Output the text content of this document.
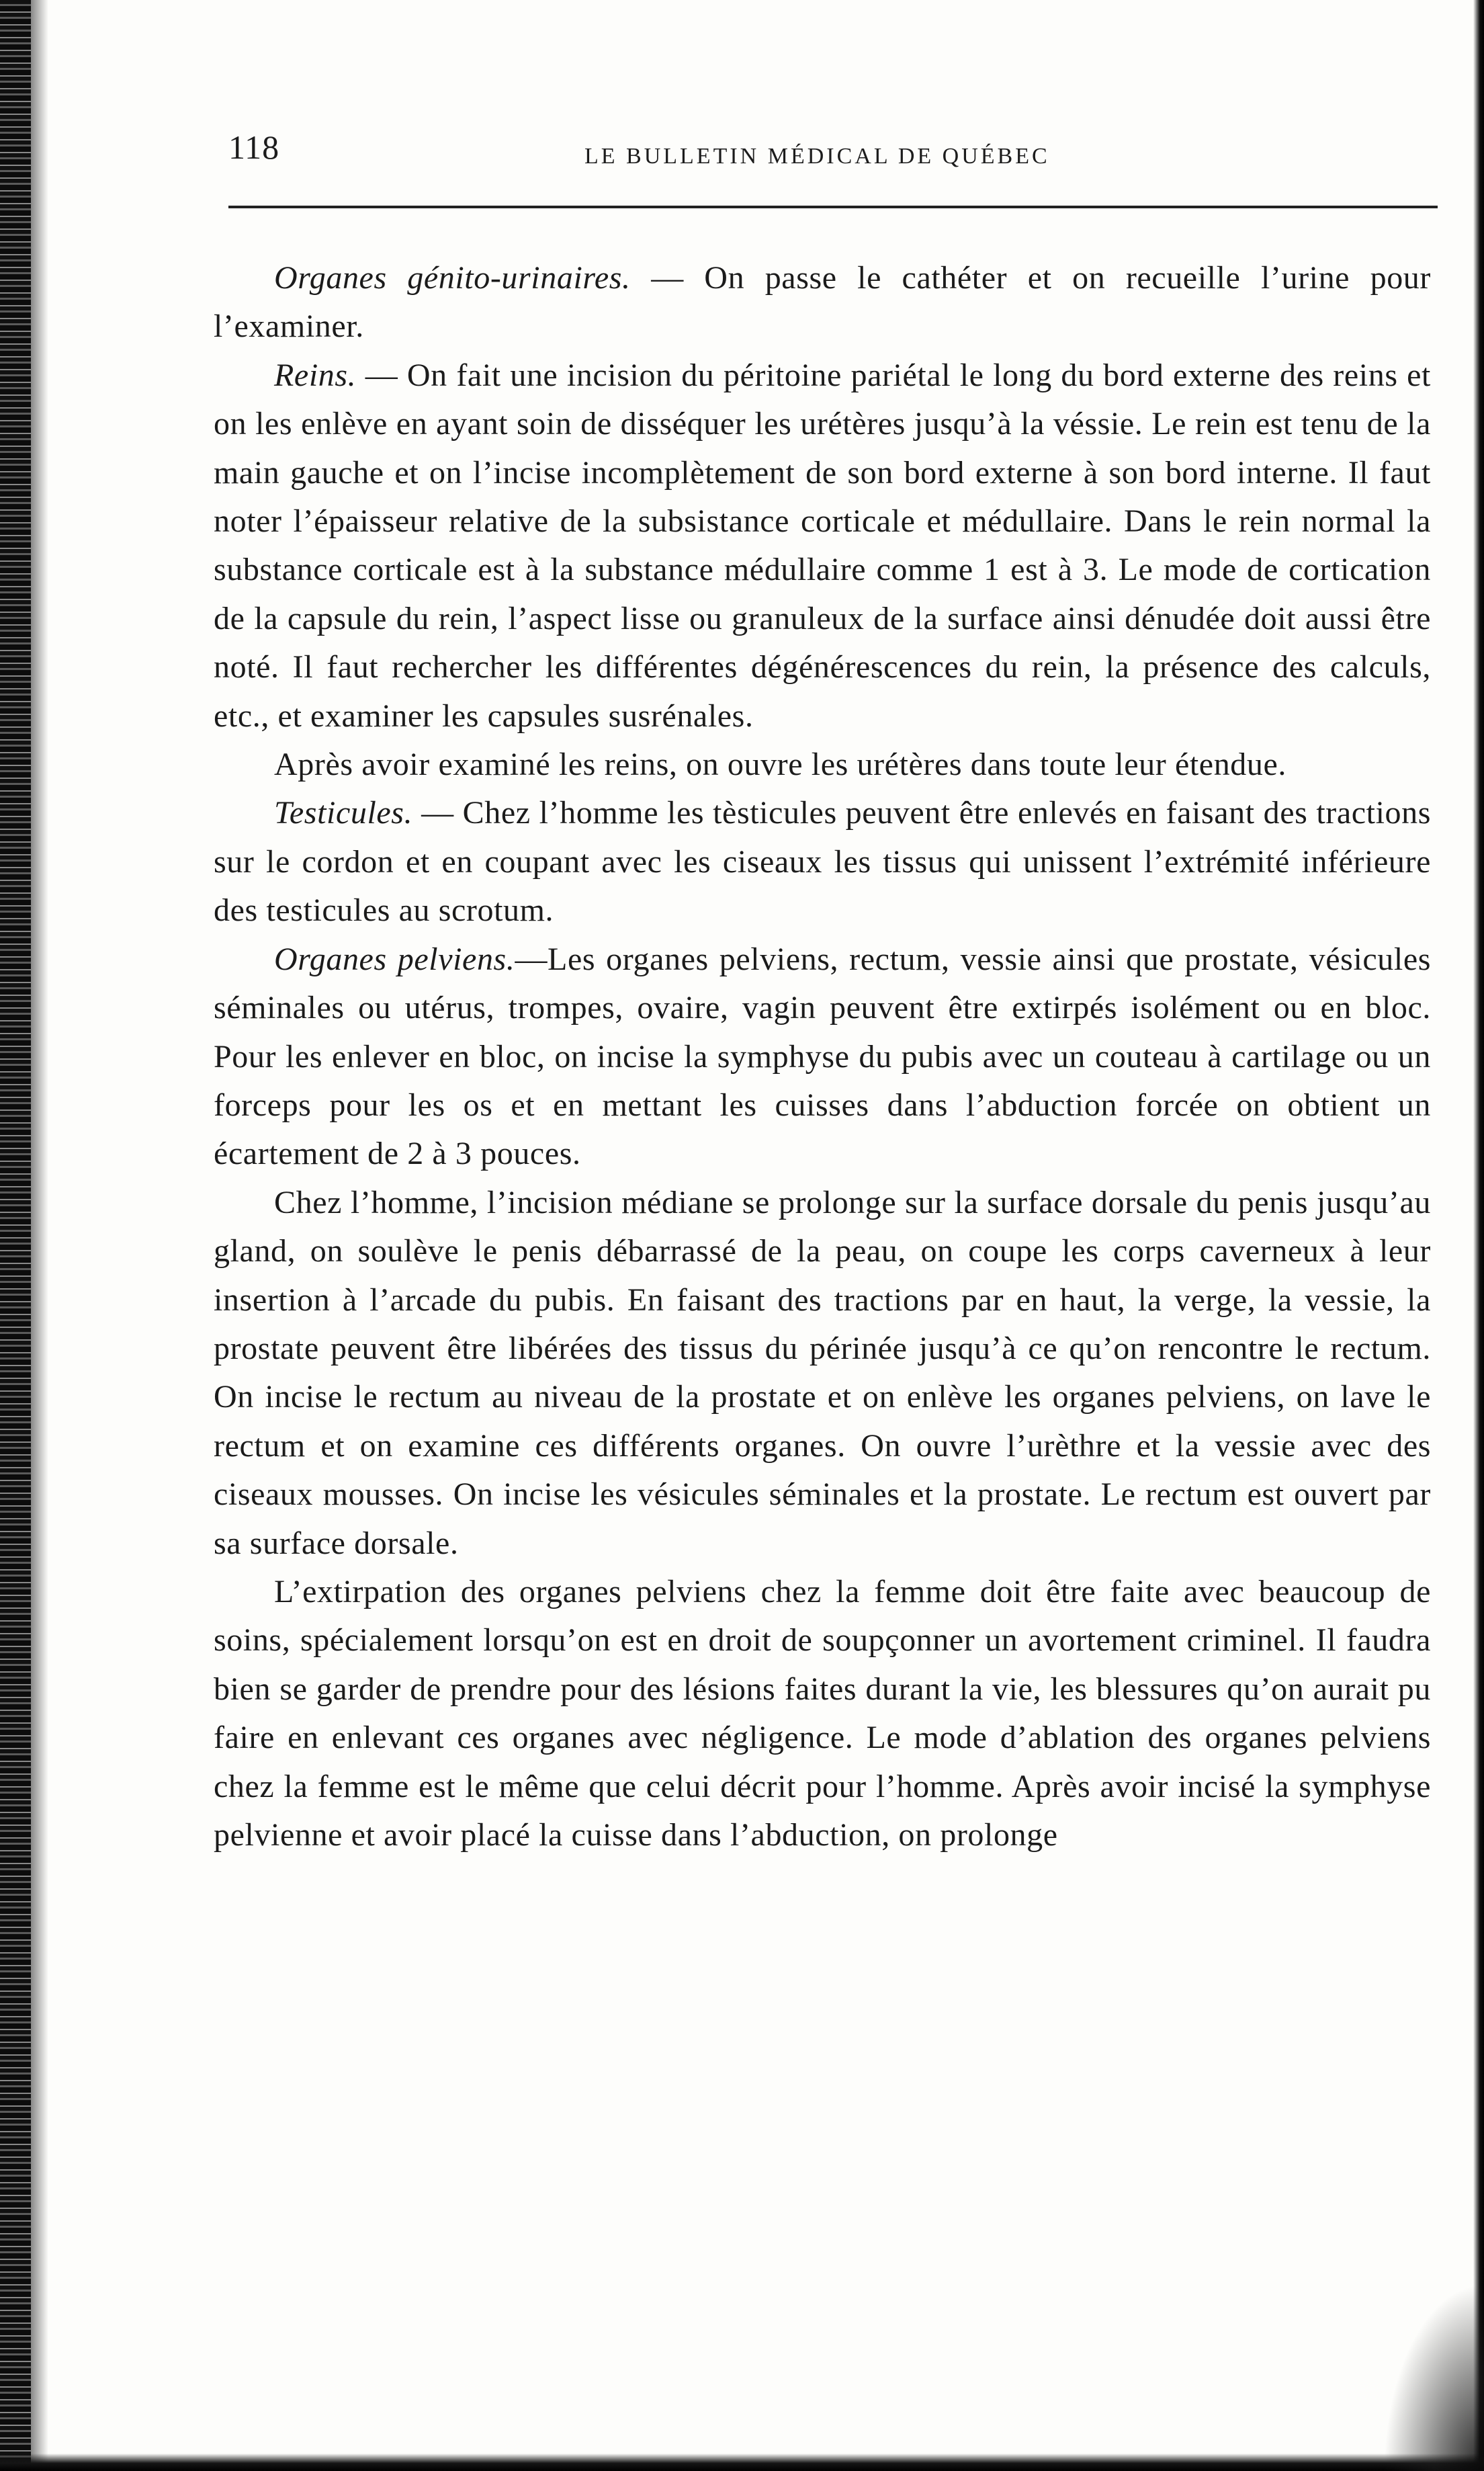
118	LE BULLETIN MÉDICAL DE QUÉBEC

Organes génito-urinaires. — On passe le cathéter et on recueille l’urine pour l’examiner.

Reins. — On fait une incision du péritoine pariétal le long du bord externe des reins et on les enlève en ayant soin de disséquer les urétères jusqu’à la véssie. Le rein est tenu de la main gauche et on l’incise incomplètement de son bord externe à son bord interne. Il faut noter l’épaisseur relative de la subsistance corticale et médullaire. Dans le rein normal la substance corticale est à la substance médullaire comme 1 est à 3. Le mode de cortication de la capsule du rein, l’aspect lisse ou granuleux de la surface ainsi dénudée doit aussi être noté. Il faut rechercher les différentes dégénérescences du rein, la présence des calculs, etc., et examiner les capsules susrénales.

Après avoir examiné les reins, on ouvre les urétères dans toute leur étendue.

Testicules. — Chez l’homme les tèsticules peuvent être enlevés en faisant des tractions sur le cordon et en coupant avec les ciseaux les tissus qui unissent l’extrémité inférieure des testicules au scrotum.

Organes pelviens.—Les organes pelviens, rectum, vessie ainsi que prostate, vésicules séminales ou utérus, trompes, ovaire, vagin peuvent être extirpés isolément ou en bloc. Pour les enlever en bloc, on incise la symphyse du pubis avec un couteau à cartilage ou un forceps pour les os et en mettant les cuisses dans l’abduction forcée on obtient un écartement de 2 à 3 pouces.

Chez l’homme, l’incision médiane se prolonge sur la surface dorsale du penis jusqu’au gland, on soulève le penis débarrassé de la peau, on coupe les corps caverneux à leur insertion à l’arcade du pubis. En faisant des tractions par en haut, la verge, la vessie, la prostate peuvent être libérées des tissus du périnée jusqu’à ce qu’on rencontre le rectum. On incise le rectum au niveau de la prostate et on enlève les organes pelviens, on lave le rectum et on examine ces différents organes. On ouvre l’urèthre et la vessie avec des ciseaux mousses. On incise les vésicules séminales et la prostate. Le rectum est ouvert par sa surface dorsale.

L’extirpation des organes pelviens chez la femme doit être faite avec beaucoup de soins, spécialement lorsqu’on est en droit de soupçonner un avortement criminel. Il faudra bien se garder de prendre pour des lésions faites durant la vie, les blessures qu’on aurait pu faire en enlevant ces organes avec négligence. Le mode d’ablation des organes pelviens chez la femme est le même que celui décrit pour l’homme. Après avoir incisé la symphyse pelvienne et avoir placé la cuisse dans l’abduction, on prolonge
